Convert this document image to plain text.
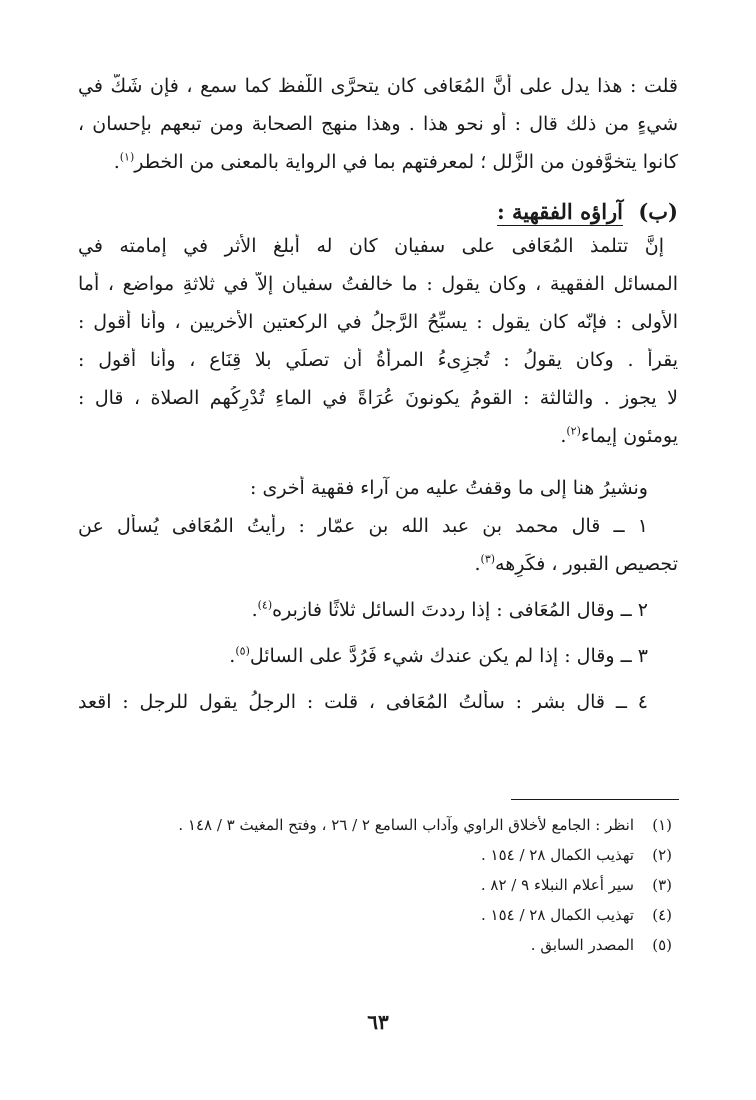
قلت : هذا يدل على أنَّ المُعَافى كان يتحرَّى اللَّفظ كما سمع ، فإن شَكَّ في
شيءٍ من ذلك قال : أو نحو هذا . وهذا منهج الصحابة ومن تبعهم بإحسان ،
كانوا يتخوَّفون من الزَّلل ؛ لمعرفتهم بما في الرواية بالمعنى من الخطر$^{(١)}$.
(ب) آراؤه الفقهية :
إنَّ تتلمذ المُعَافى على سفيان كان له أبلغ الأثر في إمامته في
المسائل الفقهية ، وكان يقول : ما خالفتُ سفيان إلاَّ في ثلاثةِ مواضع ، أما
الأولى : فإنّه كان يقول : يسبِّحُ الرَّجلُ في الركعتين الأُخريين ، وأنا أقول :
يقرأ . وكان يقولُ : تُجزِىءُ المرأةُ أن تصلِّي بلا قِنَاع ، وأنا أقول :
لا يجوز . والثالثة : القومُ يكونونَ عُرَاةً في الماءِ تُدْرِكُهم الصلاة ، قال :
يومئون إيماء$^{(٢)}$.
ونشيرُ هنا إلى ما وقفتُ عليه من آراء فقهية أُخرى :
١ ــ قال محمد بن عبد الله بن عمّار : رأيتُ المُعَافى يُسأَل عن
تجصيص القبور ، فكَرِهه$^{(٣)}$.
٢ ــ وقال المُعَافى : إذا رددتَ السائل ثلاثًا فازبره$^{(٤)}$.
٣ ــ وقال : إذا لم يكن عندك شيء فَرُدَّ على السائل$^{(٥)}$.
٤ ــ قال بشر : سألتُ المُعَافى ، قلت : الرجلُ يقول للرجل : اقعد
(١)انظر : الجامع لأخلاق الراوي وآداب السامع ٢ / ٢٦ ، وفتح المغيث ٣ / ١٤٨ .
(٢)تهذيب الكمال ٢٨ / ١٥٤ .
(٣)سير أعلام النبلاء ٩ / ٨٢ .
(٤)تهذيب الكمال ٢٨ / ١٥٤ .
(٥)المصدر السابق .
٦٣
